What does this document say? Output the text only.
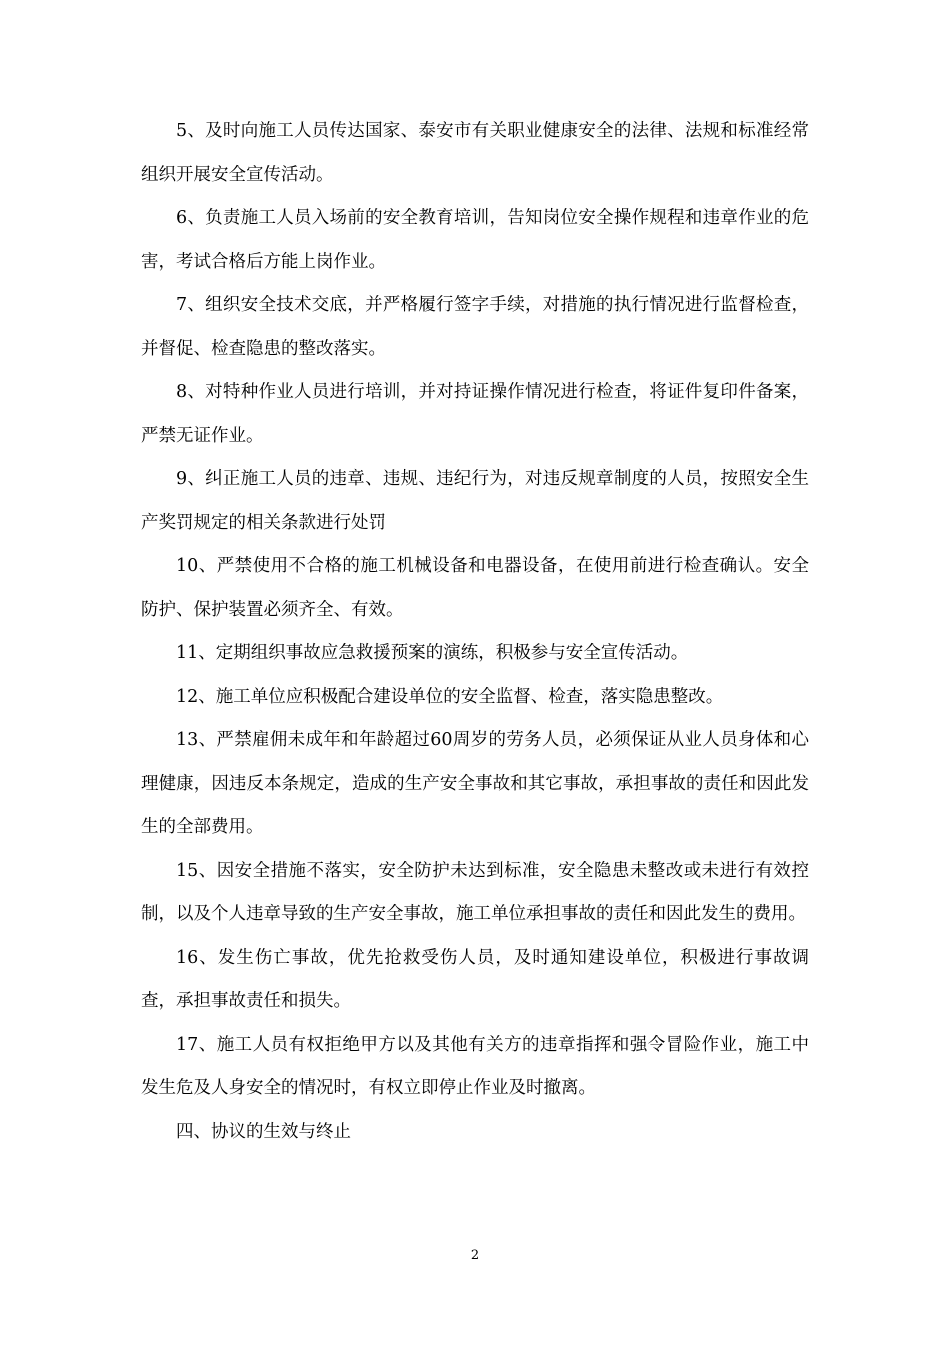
5、及时向施工人员传达国家、泰安市有关职业健康安全的法律、法规和标准经常组织开展安全宣传活动。

6、负责施工人员入场前的安全教育培训，告知岗位安全操作规程和违章作业的危害，考试合格后方能上岗作业。

7、组织安全技术交底，并严格履行签字手续，对措施的执行情况进行监督检查，并督促、检查隐患的整改落实。

8、对特种作业人员进行培训，并对持证操作情况进行检查，将证件复印件备案，严禁无证作业。

9、纠正施工人员的违章、违规、违纪行为，对违反规章制度的人员，按照安全生产奖罚规定的相关条款进行处罚

10、严禁使用不合格的施工机械设备和电器设备，在使用前进行检查确认。安全防护、保护装置必须齐全、有效。

11、定期组织事故应急救援预案的演练，积极参与安全宣传活动。

12、施工单位应积极配合建设单位的安全监督、检查，落实隐患整改。

13、严禁雇佣未成年和年龄超过60周岁的劳务人员，必须保证从业人员身体和心理健康，因违反本条规定，造成的生产安全事故和其它事故，承担事故的责任和因此发生的全部费用。

15、因安全措施不落实，安全防护未达到标准，安全隐患未整改或未进行有效控制，以及个人违章导致的生产安全事故，施工单位承担事故的责任和因此发生的费用。

16、发生伤亡事故，优先抢救受伤人员，及时通知建设单位，积极进行事故调查，承担事故责任和损失。

17、施工人员有权拒绝甲方以及其他有关方的违章指挥和强令冒险作业，施工中发生危及人身安全的情况时，有权立即停止作业及时撤离。

四、协议的生效与终止

2
